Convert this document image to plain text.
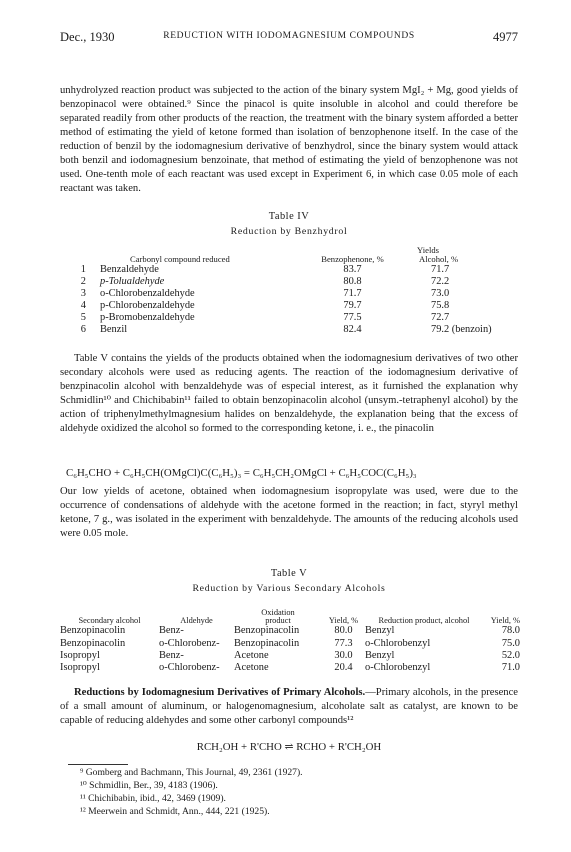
Dec., 1930	REDUCTION WITH IODOMAGNESIUM COMPOUNDS	4977
unhydrolyzed reaction product was subjected to the action of the binary system MgI₂ + Mg, good yields of benzopinacol were obtained.⁹ Since the pinacol is quite insoluble in alcohol and could therefore be separated readily from other products of the reaction, the treatment with the binary system afforded a better method of estimating the yield of ketone formed than isolation of benzophenone itself. In the case of the reduction of benzil by the iodomagnesium derivative of benzhydrol, since the binary system would attack both benzil and iodomagnesium benzoinate, that method of estimating the yield of benzophenone was not used. One-tenth mole of each reactant was used except in Experiment 6, in which case 0.05 mole of each reactant was taken.
Table IV
Reduction by Benzhydrol
		Yields	
	Carbonyl compound reduced	Benzophenone, %	Alcohol, %
1	Benzaldehyde	83.7	71.7
2	p-Tolualdehyde	80.8	72.2
3	o-Chlorobenzaldehyde	71.7	73.0
4	p-Chlorobenzaldehyde	79.7	75.8
5	p-Bromobenzaldehyde	77.5	72.7
6	Benzil	82.4	79.2 (benzoin)
Table V contains the yields of the products obtained when the iodomagnesium derivatives of two other secondary alcohols were used as reducing agents. The reaction of the iodomagnesium derivative of benzpinacolin alcohol with benzaldehyde was of especial interest, as it furnished the explanation why Schmidlin¹⁰ and Chichibabin¹¹ failed to obtain benzopinacolin alcohol (unsym.-tetraphenyl alcohol) by the action of triphenylmethylmagnesium halides on benzaldehyde, the explanation being that the excess of aldehyde oxidized the alcohol so formed to the corresponding ketone, i. e., the pinacolin
C₆H₅CHO + C₆H₅CH(OMgCl)C(C₆H₅)₃ = C₆H₅CH₂OMgCl + C₆H₅COC(C₆H₅)₃
Our low yields of acetone, obtained when iodomagnesium isopropylate was used, were due to the occurrence of condensations of aldehyde with the acetone formed in the reaction; in fact, styryl methyl ketone, 7 g., was isolated in the experiment with benzaldehyde. The amounts of the reducing alcohols used were 0.05 mole.
Table V
Reduction by Various Secondary Alcohols
Secondary alcohol	Aldehyde	Oxidation product	Yield, %	Reduction product, alcohol	Yield, %
Benzopinacolin	Benz-	Benzopinacolin	80.0	Benzyl	78.0
Benzopinacolin	o-Chlorobenz-	Benzopinacolin	77.3	o-Chlorobenzyl	75.0
Isopropyl	Benz-	Acetone	30.0	Benzyl	52.0
Isopropyl	o-Chlorobenz-	Acetone	20.4	o-Chlorobenzyl	71.0
Reductions by Iodomagnesium Derivatives of Primary Alcohols.—Primary alcohols, in the presence of a small amount of aluminum, or halogenomagnesium, alcoholate salt as catalyst, are known to be capable of reducing aldehydes and some other carbonyl compounds¹²
RCH₂OH + R'CHO ⇌ RCHO + R'CH₂OH
⁹ Gomberg and Bachmann, This Journal, 49, 2361 (1927).
¹⁰ Schmidlin, Ber., 39, 4183 (1906).
¹¹ Chichibabin, ibid., 42, 3469 (1909).
¹² Meerwein and Schmidt, Ann., 444, 221 (1925).
